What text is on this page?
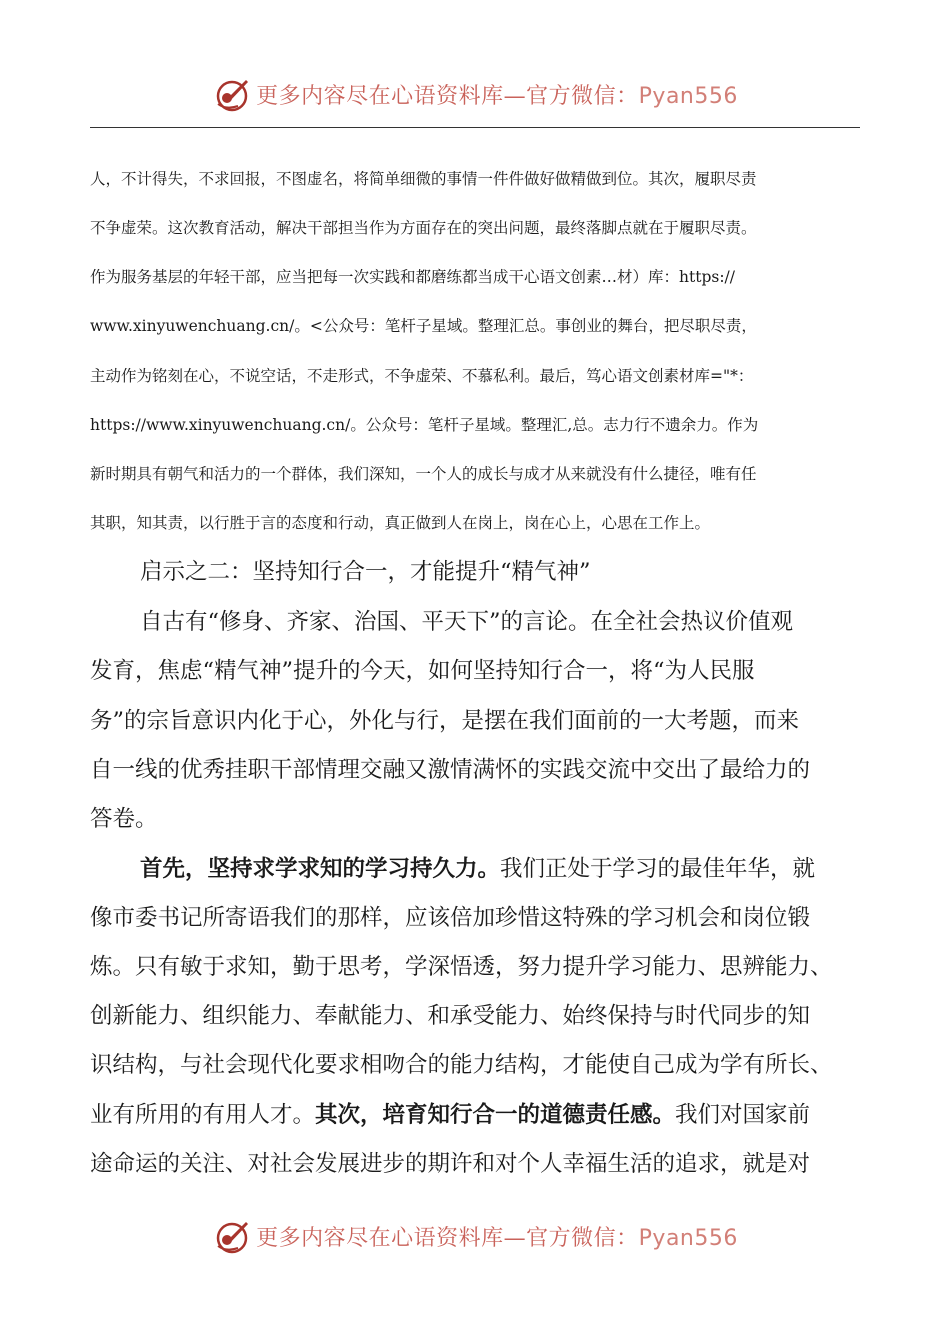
更多内容尽在心语资料库—官方微信：Pyan556
人，不计得失，不求回报，不图虚名，将简单细微的事情一件件做好做精做到位。其次，履职尽责
不争虚荣。这次教育活动，解决干部担当作为方面存在的突出问题，最终落脚点就在于履职尽责。
作为服务基层的年轻干部，应当把每一次实践和都磨练都当成干心语文创素…材）库：https://
www.xinyuwenchuang.cn/。<公众号：笔杆子星域。整理汇总。事创业的舞台，把尽职尽责，
主动作为铭刻在心，不说空话，不走形式，不争虚荣、不慕私利。最后，笃心语文创素材库="*：
https://www.xinyuwenchuang.cn/。公众号：笔杆子星域。整理汇,总。志力行不遗余力。作为
新时期具有朝气和活力的一个群体，我们深知，一个人的成长与成才从来就没有什么捷径，唯有任
其职，知其责，以行胜于言的态度和行动，真正做到人在岗上，岗在心上，心思在工作上。
启示之二：坚持知行合一，才能提升“精气神”
自古有“修身、齐家、治国、平天下”的言论。在全社会热议价值观
发育，焦虑“精气神”提升的今天，如何坚持知行合一，将“为人民服
务”的宗旨意识内化于心，外化与行，是摆在我们面前的一大考题，而来
自一线的优秀挂职干部情理交融又激情满怀的实践交流中交出了最给力的
答卷。
首先，坚持求学求知的学习持久力。我们正处于学习的最佳年华，就
像市委书记所寄语我们的那样，应该倍加珍惜这特殊的学习机会和岗位锻
炼。只有敏于求知，勤于思考，学深悟透，努力提升学习能力、思辨能力、
创新能力、组织能力、奉献能力、和承受能力、始终保持与时代同步的知
识结构，与社会现代化要求相吻合的能力结构，才能使自己成为学有所长、
业有所用的有用人才。其次，培育知行合一的道德责任感。我们对国家前
途命运的关注、对社会发展进步的期许和对个人幸福生活的追求，就是对
更多内容尽在心语资料库—官方微信：Pyan556
